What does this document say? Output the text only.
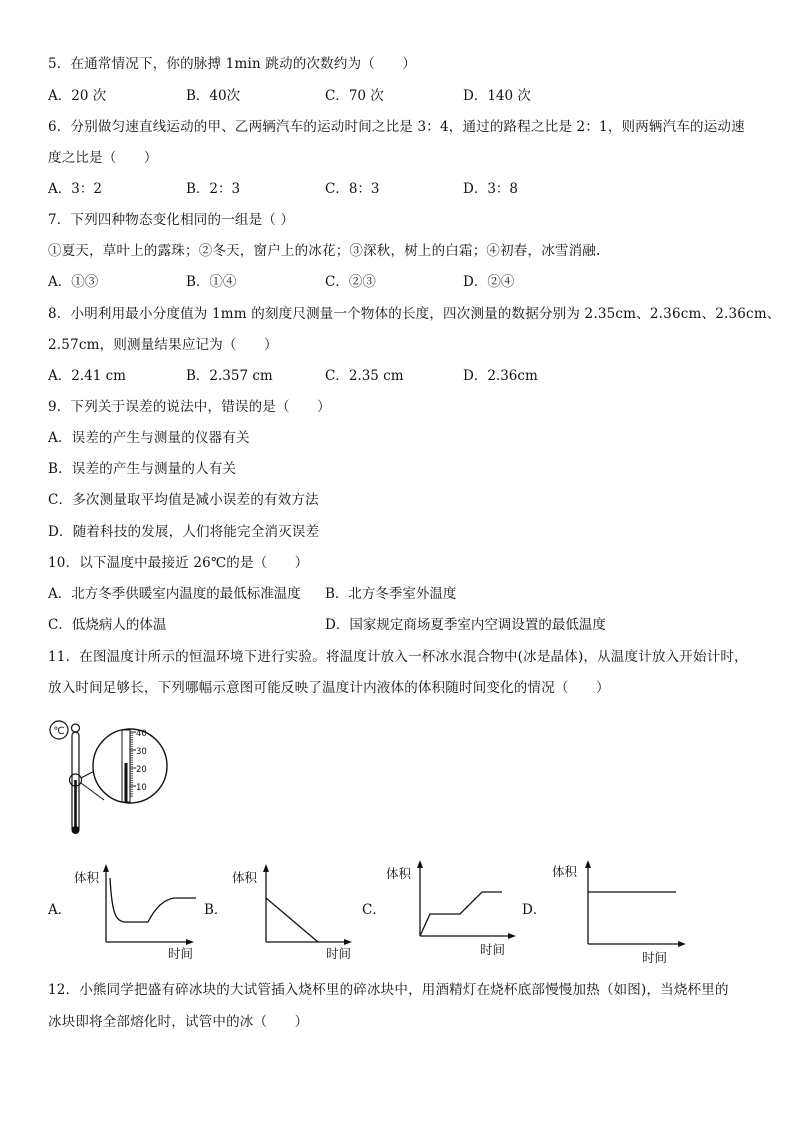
5．在通常情况下，你的脉搏 1min 跳动的次数约为（　　）
A．20 次	B．40次	C．70 次	D．140 次
6．分别做匀速直线运动的甲、乙两辆汽车的运动时间之比是 3：4，通过的路程之比是 2：1，则两辆汽车的运动速
度之比是（　　）
A．3：2	B．2：3	C．8：3	D．3：8
7．下列四种物态变化相同的一组是（ ）
①夏天，草叶上的露珠；②冬天，窗户上的冰花；③深秋，树上的白霜；④初春，冰雪消融.
A．①③	B．①④	C．②③	D．②④
8．小明利用最小分度值为 1mm 的刻度尺测量一个物体的长度，四次测量的数据分别为 2.35cm、2.36cm、2.36cm、
2.57cm，则测量结果应记为（　　）
A．2.41 cm	B．2.357 cm	C．2.35 cm	D．2.36cm
9．下列关于误差的说法中，错误的是（　　）
A．误差的产生与测量的仪器有关
B．误差的产生与测量的人有关
C．多次测量取平均值是减小误差的有效方法
D．随着科技的发展，人们将能完全消灭误差
10．以下温度中最接近 26℃的是（　　）
A．北方冬季供暖室内温度的最低标准温度 B．北方冬季室外温度
C．低烧病人的体温	D．国家规定商场夏季室内空调设置的最低温度
11．在图温度计所示的恒温环境下进行实验。将温度计放入一杯冰水混合物中(冰是晶体)，从温度计放入开始计时，
放入时间足够长，下列哪幅示意图可能反映了温度计内液体的体积随时间变化的情况（　　）
℃	40
30
20
10
A．
体积
时间
B．
体积
时间
C．
体积
时间
D．
体积
时间
12．小熊同学把盛有碎冰块的大试管插入烧杯里的碎冰块中，用酒精灯在烧杯底部慢慢加热（如图)，当烧杯里的
冰块即将全部熔化时，试管中的冰（　　）
